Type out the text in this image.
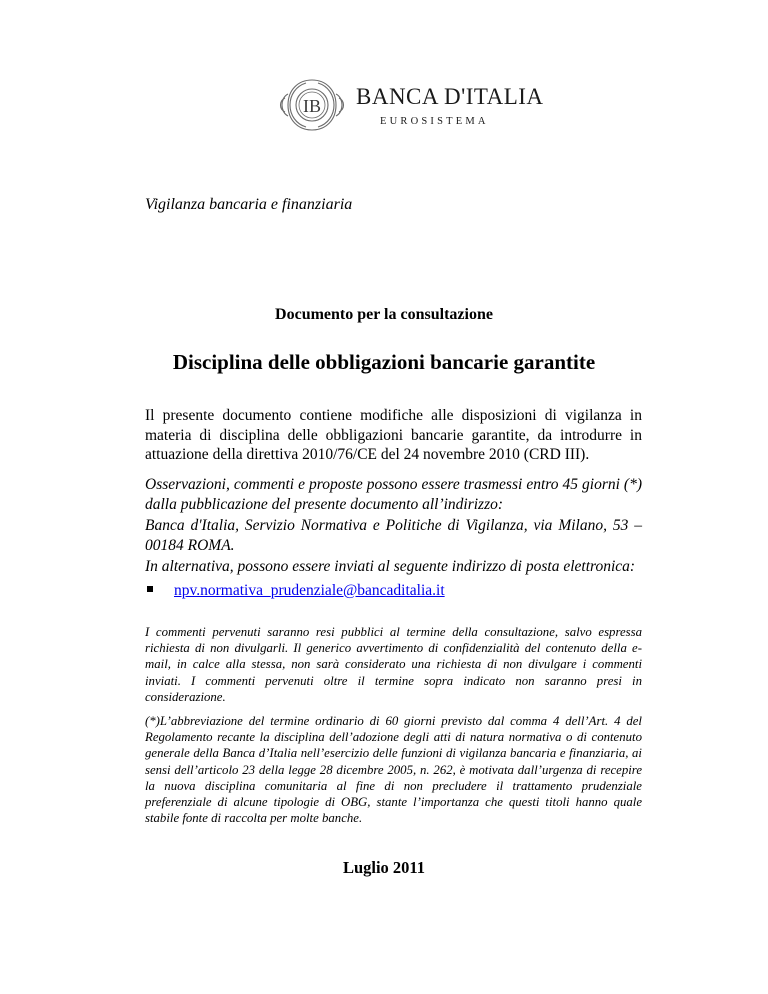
IB BANCA D'ITALIA
EUROSISTEMA
Vigilanza bancaria e finanziaria
Documento per la consultazione
Disciplina delle obbligazioni bancarie garantite

Il presente documento contiene modifiche alle disposizioni di vigilanza in materia di disciplina delle obbligazioni bancarie garantite, da introdurre in attuazione della direttiva 2010/76/CE del 24 novembre 2010 (CRD III).

Osservazioni, commenti e proposte possono essere trasmessi entro 45 giorni (*) dalla pubblicazione del presente documento all’indirizzo:

Banca d'Italia, Servizio Normativa e Politiche di Vigilanza, via Milano, 53 – 00184 ROMA.

In alternativa, possono essere inviati al seguente indirizzo di posta elettronica:

npv.normativa_prudenziale@bancaditalia.it

I commenti pervenuti saranno resi pubblici al termine della consultazione, salvo espressa richiesta di non divulgarli. Il generico avvertimento di confidenzialità del contenuto della e-mail, in calce alla stessa, non sarà considerato una richiesta di non divulgare i commenti inviati. I commenti pervenuti oltre il termine sopra indicato non saranno presi in considerazione.

(*)L’abbreviazione del termine ordinario di 60 giorni previsto dal comma 4 dell’Art. 4 del Regolamento recante la disciplina dell’adozione degli atti di natura normativa o di contenuto generale della Banca d’Italia nell’esercizio delle funzioni di vigilanza bancaria e finanziaria, ai sensi dell’articolo 23 della legge 28 dicembre 2005, n. 262, è motivata dall’urgenza di recepire la nuova disciplina comunitaria al fine di non precludere il trattamento prudenziale preferenziale di alcune tipologie di OBG, stante l’importanza che questi titoli hanno quale stabile fonte di raccolta per molte banche.

Luglio 2011
